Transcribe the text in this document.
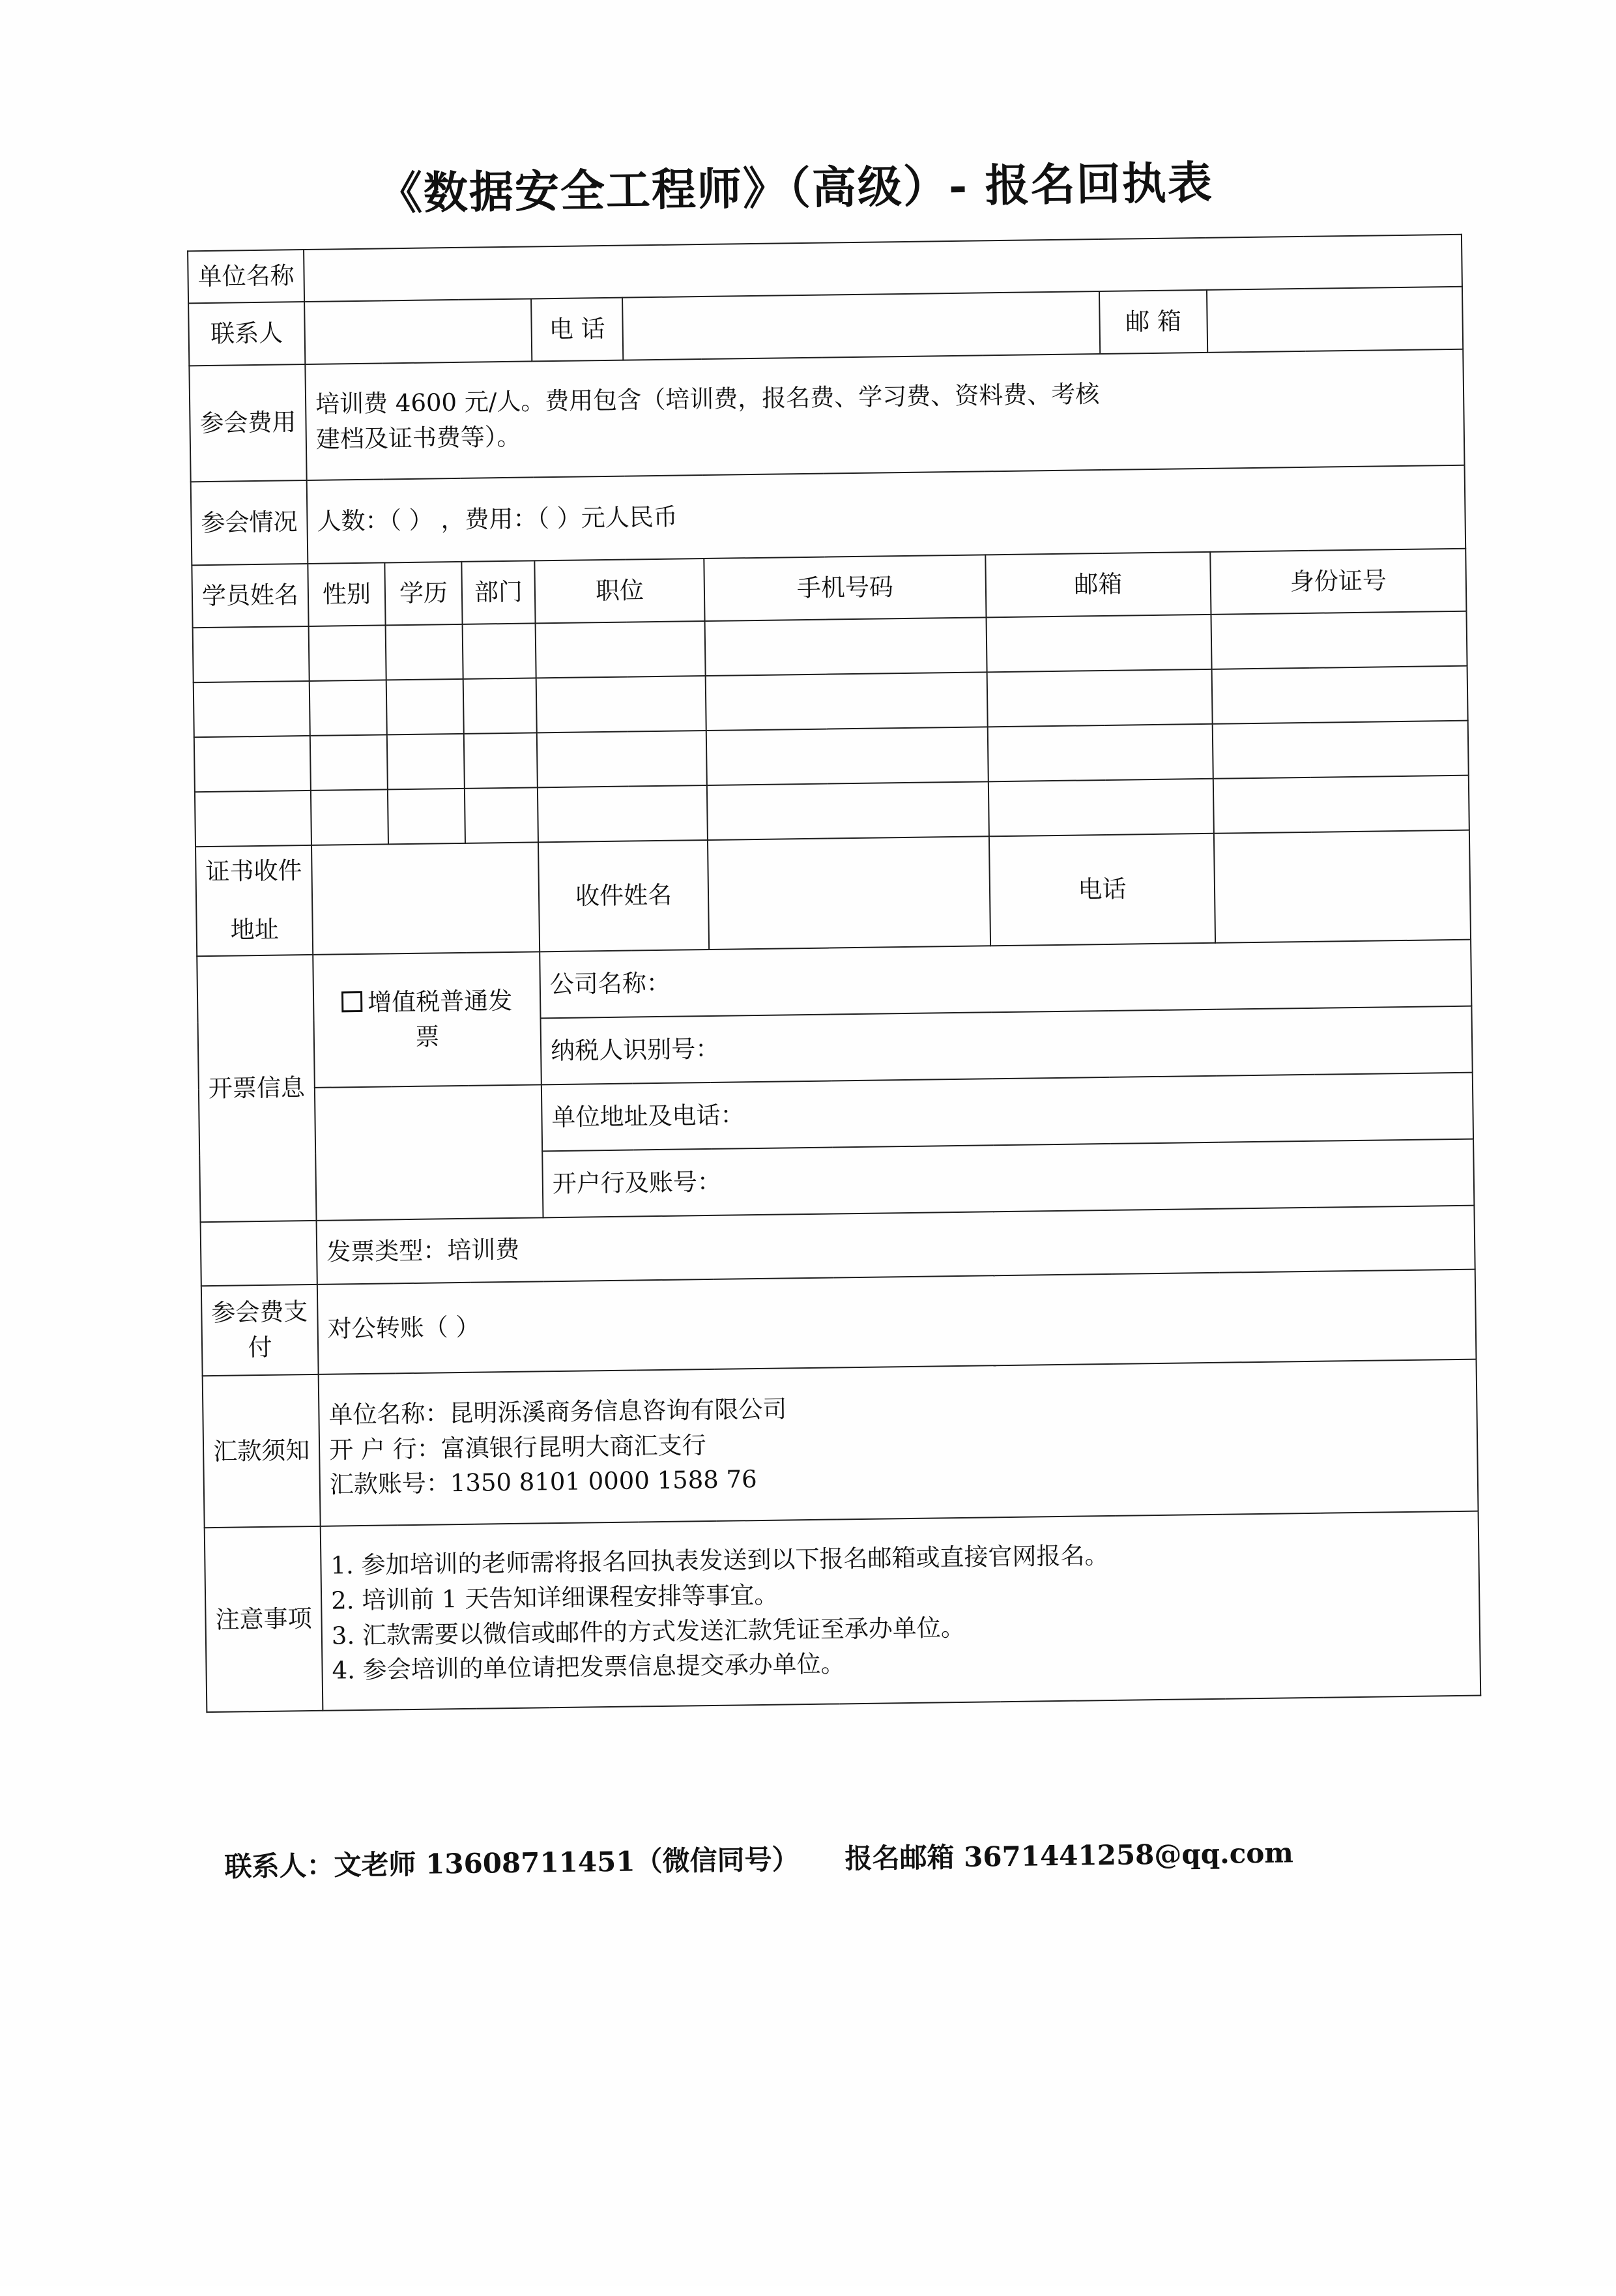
《数据安全工程师》（高级）- 报名回执表
单位名称									
联系人				电 话				邮 箱	
参会费用	培训费 4600 元/人。费用包含（培训费，报名费、学习费、资料费、考核
建档及证书费等）。								

参会情况	人数：（ ） ，费用：（ ）元人民币								
学员姓名	性别	学历	部门	职位		手机号码	邮箱		身份证号

证书收件
地址				收件姓名			电话		
开票信息	增值税普通发
票			公司名称：					
				纳税人识别号：					
				单位地址及电话：					
				开户行及账号：					
	发票类型：培训费								

参会费支
付	对公转账（ ）								
汇款须知	单位名称：昆明泺溪商务信息咨询有限公司
开 户 行：富滇银行昆明大商汇支行
汇款账号：1350 8101 0000 1588 76								

注意事项	1. 参加培训的老师需将报名回执表发送到以下报名邮箱或直接官网报名。
2. 培训前 1 天告知详细课程安排等事宜。
3. 汇款需要以微信或邮件的方式发送汇款凭证至承办单位。
4. 参会培训的单位请把发票信息提交承办单位。								
联系人：文老师 13608711451（微信同号） 报名邮箱 3671441258@qq.com
